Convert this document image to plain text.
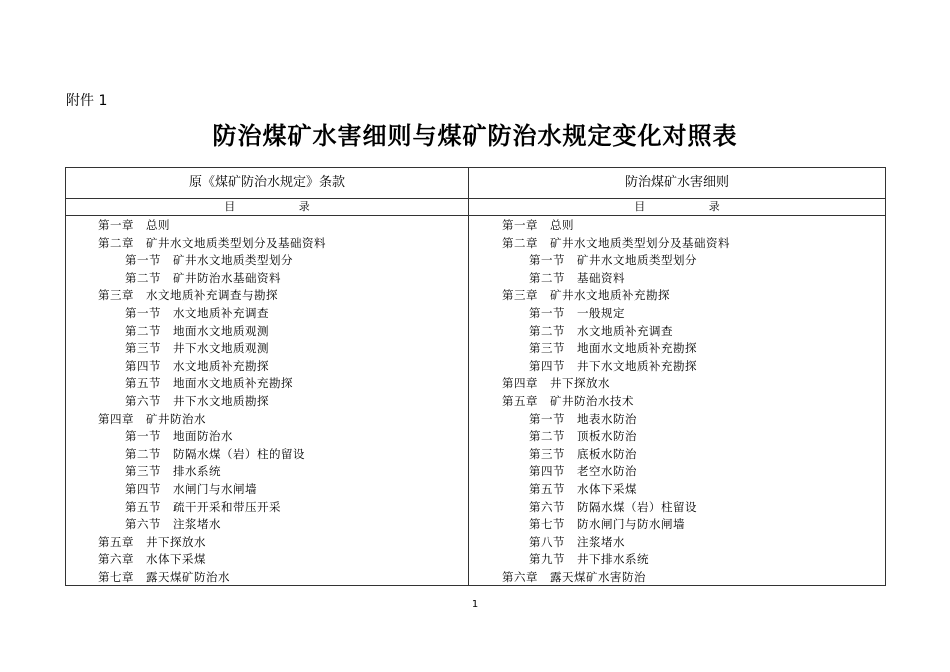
附件 1
防治煤矿水害细则与煤矿防治水规定变化对照表
原《煤矿防治水规定》条款	防治煤矿水害细则
目 录	目 录
第一章　总则
第二章　矿井水文地质类型划分及基础资料
第一节　矿井水文地质类型划分
第二节　矿井防治水基础资料
第三章　水文地质补充调查与勘探
第一节　水文地质补充调查
第二节　地面水文地质观测
第三节　井下水文地质观测
第四节　水文地质补充勘探
第五节　地面水文地质补充勘探
第六节　井下水文地质勘探
第四章　矿井防治水
第一节　地面防治水
第二节　防隔水煤（岩）柱的留设
第三节　排水系统
第四节　水闸门与水闸墙
第五节　疏干开采和带压开采
第六节　注浆堵水
第五章　井下探放水
第六章　水体下采煤
第七章　露天煤矿防治水
第一章　总则
第二章　矿井水文地质类型划分及基础资料
第一节　矿井水文地质类型划分
第二节　基础资料
第三章　矿井水文地质补充勘探
第一节　一般规定
第二节　水文地质补充调查
第三节　地面水文地质补充勘探
第四节　井下水文地质补充勘探
第四章　井下探放水
第五章　矿井防治水技术
第一节　地表水防治
第二节　顶板水防治
第三节　底板水防治
第四节　老空水防治
第五节　水体下采煤
第六节　防隔水煤（岩）柱留设
第七节　防水闸门与防水闸墙
第八节　注浆堵水
第九节　井下排水系统
第六章　露天煤矿水害防治
1
